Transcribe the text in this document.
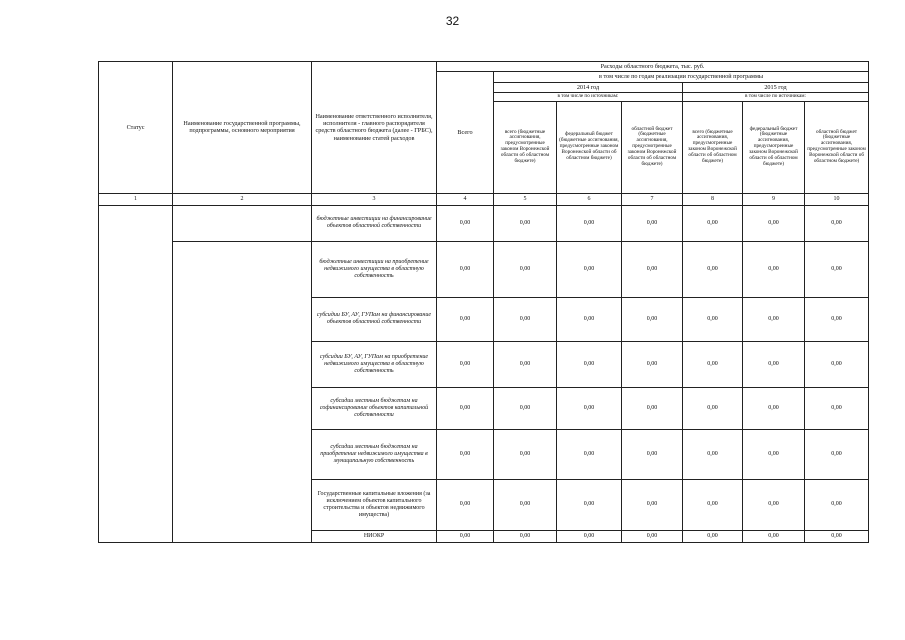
32
Статус	Наименование государственной программы, подпрограммы, основного мероприятия	Наименование ответственного исполнителя, исполнителя - главного распорядителя средств областного бюджета (далее - ГРБС), наименование статей расходов	Расходы областного бюджета, тыс. руб.						
			Всего	в том числе по годам реализации государственной программы					
				2014 год			2015 год		
				в том числе по источникам:			в том числе по источникам:		
				всего (бюджетные ассигнования, предусмотренные законом Воронежской области об областном бюджете)	федеральный бюджет (бюджетные ассигнования, предусмотренные законом Воронежской области об областном бюджете)	областной бюджет (бюджетные ассигнования, предусмотренные законом Воронежской области об областном бюджете)	всего (бюджетные ассигнования, предусмотренные законом Воронежской области об областном бюджете)	федеральный бюджет (бюджетные ассигнования, предусмотренные законом Воронежской области об областном бюджете)	областной бюджет (бюджетные ассигнования, предусмотренные законом Воронежской области об областном бюджете)
1	2	3	4	5	6	7	8	9	10
		бюджетные инвестиции на финансирование объектов областной собственности	0,00	0,00	0,00	0,00	0,00	0,00	0,00
		бюджетные инвестиции на приобретение недвижимого имущества в областную собственность	0,00	0,00	0,00	0,00	0,00	0,00	0,00
		субсидии БУ, АУ, ГУПам на финансирование объектов областной собственности	0,00	0,00	0,00	0,00	0,00	0,00	0,00
		субсидии БУ, АУ, ГУПам на приобретение недвижимого имущества в областную собственность	0,00	0,00	0,00	0,00	0,00	0,00	0,00
		субсидии местным бюджетам на софинансирование объектов капитальной собственности	0,00	0,00	0,00	0,00	0,00	0,00	0,00
		субсидии местным бюджетам на приобретение недвижимого имущества в муниципальную собственность	0,00	0,00	0,00	0,00	0,00	0,00	0,00
		Государственные капитальные вложения (за исключением объектов капитального строительства и объектов недвижимого имущества)	0,00	0,00	0,00	0,00	0,00	0,00	0,00
		НИОКР	0,00	0,00	0,00	0,00	0,00	0,00	0,00
